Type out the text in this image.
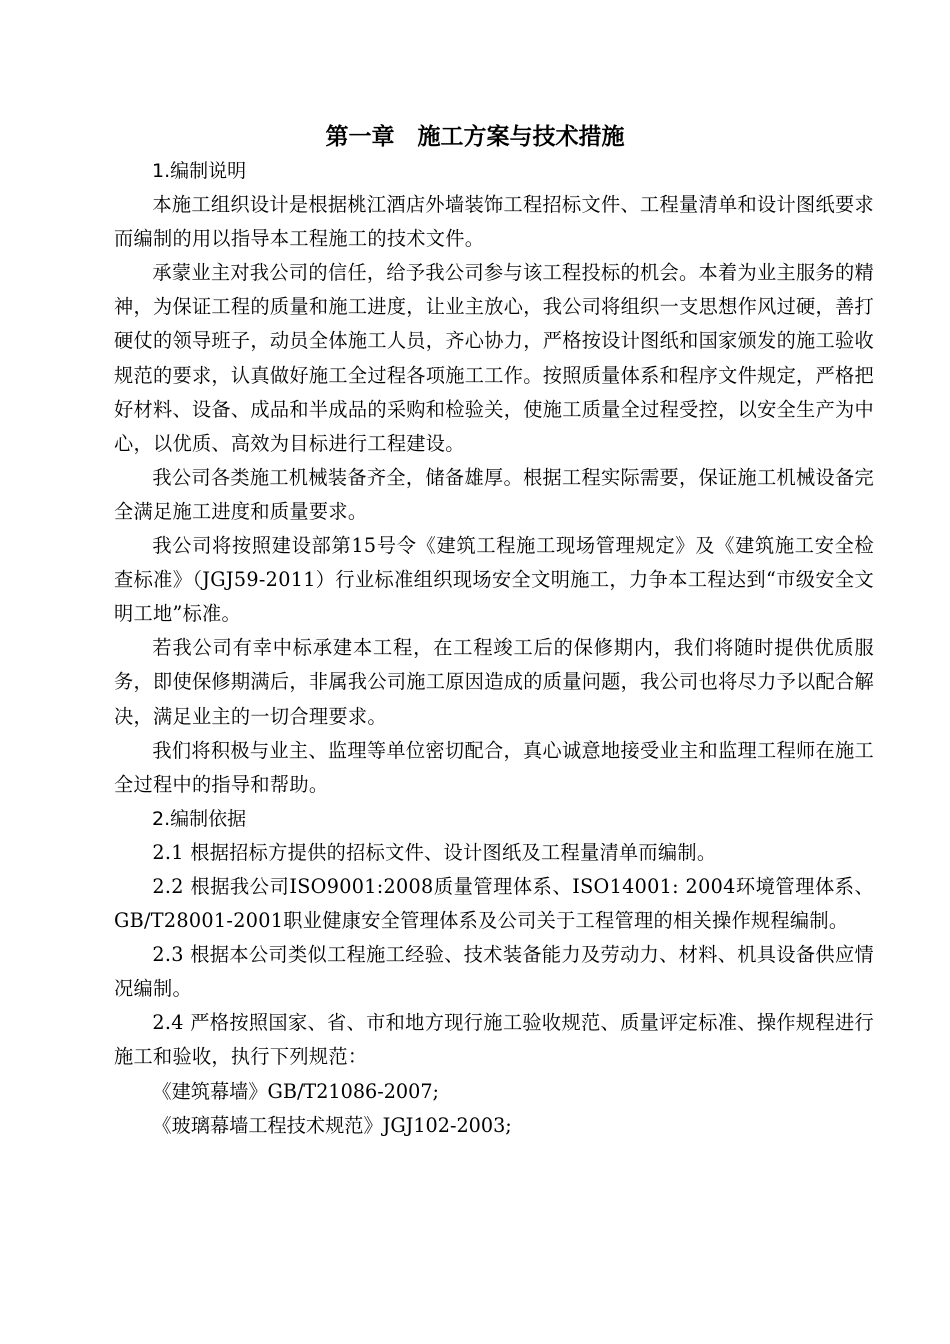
第一章　施工方案与技术措施

1.编制说明

本施工组织设计是根据桃江酒店外墙装饰工程招标文件、工程量清单和设计图纸要求而编制的用以指导本工程施工的技术文件。

承蒙业主对我公司的信任，给予我公司参与该工程投标的机会。本着为业主服务的精神，为保证工程的质量和施工进度，让业主放心，我公司将组织一支思想作风过硬，善打硬仗的领导班子，动员全体施工人员，齐心协力，严格按设计图纸和国家颁发的施工验收规范的要求，认真做好施工全过程各项施工工作。按照质量体系和程序文件规定，严格把好材料、设备、成品和半成品的采购和检验关，使施工质量全过程受控，以安全生产为中心，以优质、高效为目标进行工程建设。

我公司各类施工机械装备齐全，储备雄厚。根据工程实际需要，保证施工机械设备完全满足施工进度和质量要求。

我公司将按照建设部第15号令《建筑工程施工现场管理规定》及《建筑施工安全检查标准》（JGJ59-2011）行业标准组织现场安全文明施工，力争本工程达到“市级安全文明工地”标准。

若我公司有幸中标承建本工程，在工程竣工后的保修期内，我们将随时提供优质服务，即使保修期满后，非属我公司施工原因造成的质量问题，我公司也将尽力予以配合解决，满足业主的一切合理要求。

我们将积极与业主、监理等单位密切配合，真心诚意地接受业主和监理工程师在施工全过程中的指导和帮助。

2.编制依据

2.1 根据招标方提供的招标文件、设计图纸及工程量清单而编制。

2.2 根据我公司ISO9001:2008质量管理体系、ISO14001: 2004环境管理体系、GB/T28001-2001职业健康安全管理体系及公司关于工程管理的相关操作规程编制。

2.3 根据本公司类似工程施工经验、技术装备能力及劳动力、材料、机具设备供应情况编制。

2.4 严格按照国家、省、市和地方现行施工验收规范、质量评定标准、操作规程进行施工和验收，执行下列规范：

《建筑幕墙》GB/T21086-2007;

《玻璃幕墙工程技术规范》JGJ102-2003;
